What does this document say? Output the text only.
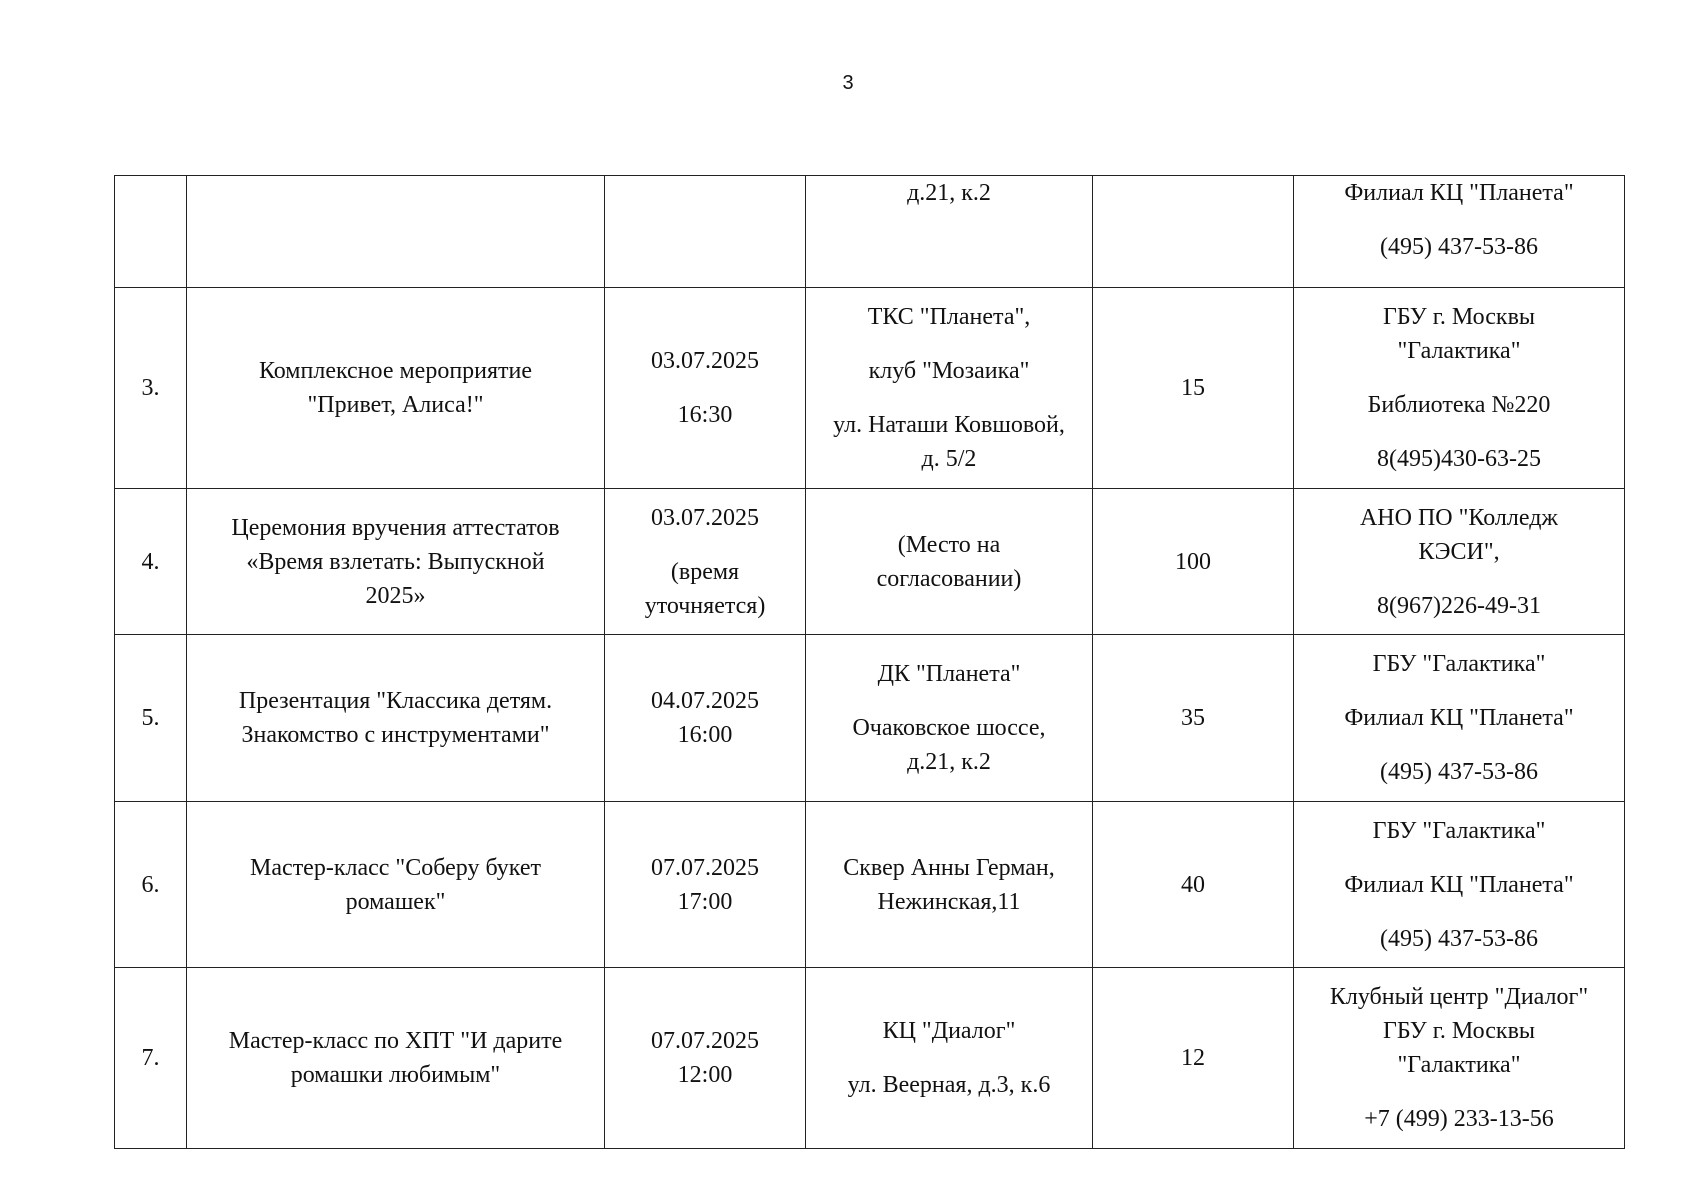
3

			д.21, к.2		Филиал КЦ "Планета"
(495) 437-53-86

3.	Комплексное мероприятие
"Привет, Алиса!"	03.07.2025
16:30	ТКС "Планета",
клуб "Мозаика"
ул. Наташи Ковшовой,
д. 5/2	15	ГБУ г. Москвы
"Галактика"
Библиотека №220
8(495)430-63-25

4.	Церемония вручения аттестатов
«Время взлетать: Выпускной
2025»	03.07.2025
(время уточняется)	(Место на
согласовании)	100	АНО ПО "Колледж
КЭСИ",
8(967)226-49-31

5.	Презентация "Классика детям.
Знакомство с инструментами"	04.07.2025
16:00	ДК "Планета"
Очаковское шоссе,
д.21, к.2	35	ГБУ "Галактика"
Филиал КЦ "Планета"
(495) 437-53-86

6.	Мастер-класс "Соберу букет
ромашек"	07.07.2025
17:00	Сквер Анны Герман,
Нежинская,11	40	ГБУ "Галактика"
Филиал КЦ "Планета"
(495) 437-53-86

7.	Мастер-класс по ХПТ "И дарите
ромашки любимым"	07.07.2025
12:00	КЦ "Диалог"
ул. Веерная, д.3, к.6	12	Клубный центр "Диалог"
ГБУ г. Москвы
"Галактика"
+7 (499) 233-13-56
